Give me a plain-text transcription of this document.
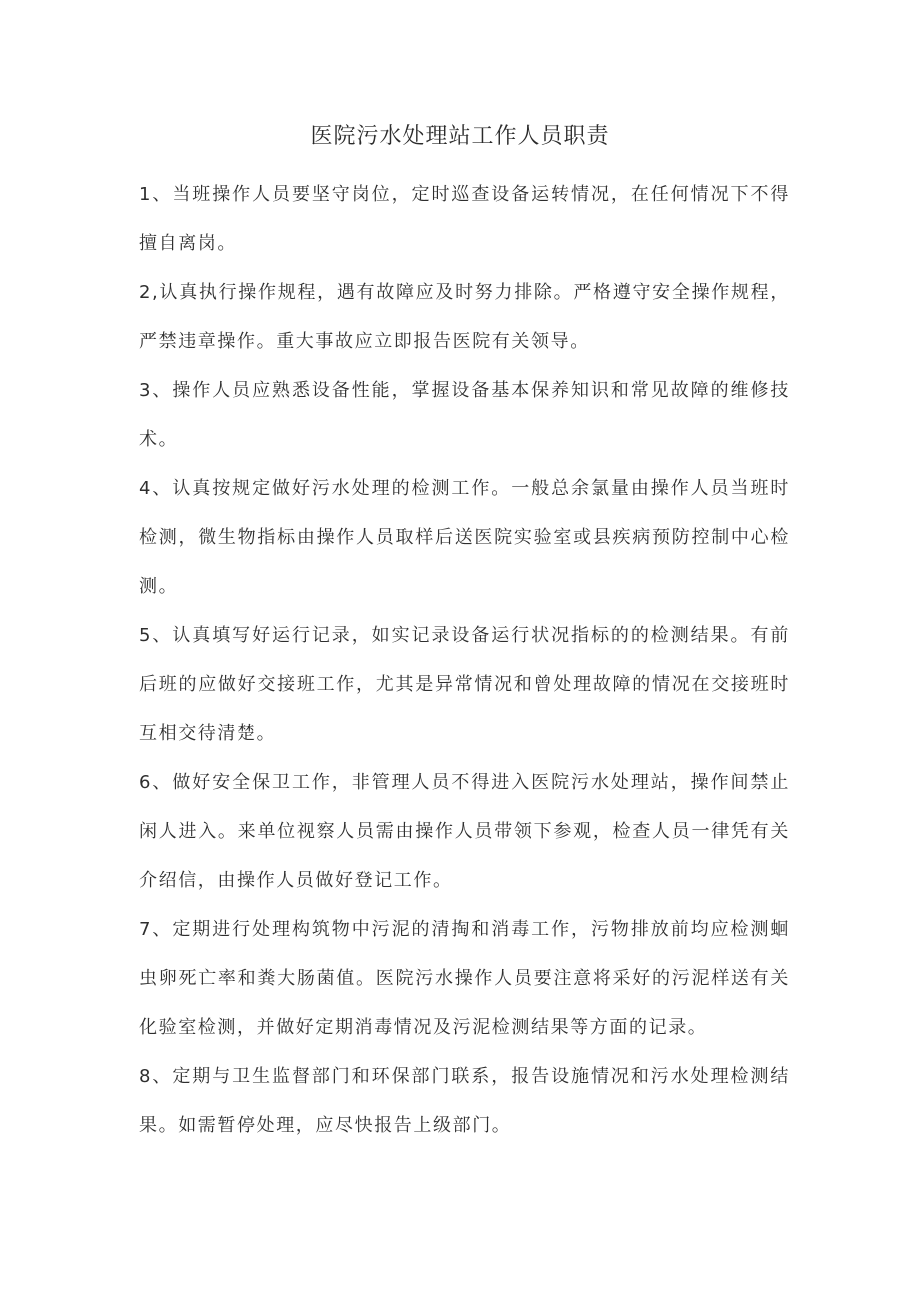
医院污水处理站工作人员职责

1、当班操作人员要坚守岗位，定时巡查设备运转情况，在任何情况下不得擅自离岗。

2,认真执行操作规程，遇有故障应及时努力排除。严格遵守安全操作规程，严禁违章操作。重大事故应立即报告医院有关领导。

3、操作人员应熟悉设备性能，掌握设备基本保养知识和常见故障的维修技术。

4、认真按规定做好污水处理的检测工作。一般总余氯量由操作人员当班时检测，微生物指标由操作人员取样后送医院实验室或县疾病预防控制中心检测。

5、认真填写好运行记录，如实记录设备运行状况指标的的检测结果。有前后班的应做好交接班工作，尤其是异常情况和曾处理故障的情况在交接班时互相交待清楚。

6、做好安全保卫工作，非管理人员不得进入医院污水处理站，操作间禁止闲人进入。来单位视察人员需由操作人员带领下参观，检查人员一律凭有关介绍信，由操作人员做好登记工作。

7、定期进行处理构筑物中污泥的清掏和消毒工作，污物排放前均应检测蛔虫卵死亡率和粪大肠菌值。医院污水操作人员要注意将采好的污泥样送有关化验室检测，并做好定期消毒情况及污泥检测结果等方面的记录。

8、定期与卫生监督部门和环保部门联系，报告设施情况和污水处理检测结果。如需暂停处理，应尽快报告上级部门。
